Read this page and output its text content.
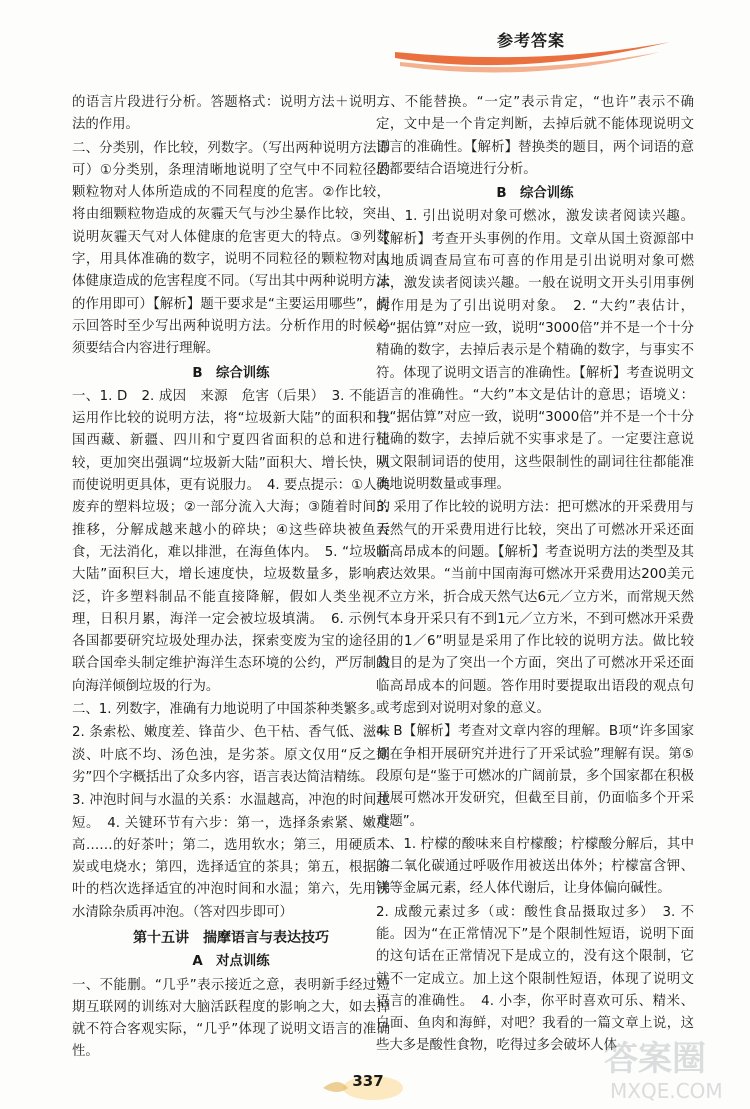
参考答案

的语言片段进行分析。答题格式：说明方法＋说明方法的作用。

二、分类别，作比较，列数字。（写出两种说明方法即可）①分类别，条理清晰地说明了空气中不同粒径的颗粒物对人体所造成的不同程度的危害。②作比较，将由细颗粒物造成的灰霾天气与沙尘暴作比较，突出说明灰霾天气对人体健康的危害更大的特点。③列数字，用具体准确的数字，说明不同粒径的颗粒物对人体健康造成的危害程度不同。（写出其中两种说明方法的作用即可）【解析】题干要求是“主要运用哪些”，提示回答时至少写出两种说明方法。分析作用的时候必须要结合内容进行理解。

B　综合训练

一、1. D　2. 成因　来源　危害（后果）　3. 不能。运用作比较的说明方法，将“垃圾新大陆”的面积和我国西藏、新疆、四川和宁夏四省面积的总和进行比较，更加突出强调“垃圾新大陆”面积大、增长快，从而使说明更具体，更有说服力。　4. 要点提示：①人类废弃的塑料垃圾；②一部分流入大海；③随着时间的推移，分解成越来越小的碎块；④这些碎块被鱼吞食，无法消化，难以排泄，在海鱼体内。　5. “垃圾新大陆”面积巨大，增长速度快，垃圾数量多，影响广泛，许多塑料制品不能直接降解，假如人类坐视不理，日积月累，海洋一定会被垃圾填满。　6. 示例：各国都要研究垃圾处理办法，探索变废为宝的途径。联合国牵头制定维护海洋生态环境的公约，严厉制裁向海洋倾倒垃圾的行为。

二、1. 列数字，准确有力地说明了中国茶种类繁多。

2. 条索松、嫩度差、锋苗少、色干枯、香气低、滋味淡、叶底不均、汤色浊，是劣茶。原文仅用“反之则劣”四个字概括出了众多内容，语言表达简洁精练。

3. 冲泡时间与水温的关系：水温越高，冲泡的时间越短。　4. 关键环节有六步：第一，选择条索紧、嫩度高……的好茶叶；第二，选用软水；第三，用硬质木炭或电烧水；第四，选择适宜的茶具；第五，根据茶叶的档次选择适宜的冲泡时间和水温；第六，先用沸水清除杂质再冲泡。（答对四步即可）

第十五讲　揣摩语言与表达技巧

A　对点训练

一、不能删。“几乎”表示接近之意，表明新手经过短期互联网的训练对大脑活跃程度的影响之大，如去掉就不符合客观实际，“几乎”体现了说明文语言的准确性。

二、不能替换。“一定”表示肯定，“也许”表示不确定，文中是一个肯定判断，去掉后就不能体现说明文语言的准确性。【解析】替换类的题目，两个词语的意思都要结合语境进行分析。

B　综合训练

一、1. 引出说明对象可燃冰，激发读者阅读兴趣。【解析】考查开头事例的作用。文章从国土资源部中国地质调查局宣布可喜的作用是引出说明对象可燃冰，激发读者阅读兴趣。一般在说明文开头引用事例的作用是为了引出说明对象。　2. “大约”表估计，与“据估算”对应一致，说明“3000倍”并不是一个十分精确的数字，去掉后表示是个精确的数字，与事实不符。体现了说明文语言的准确性。【解析】考查说明文语言的准确性。“大约”本文是估计的意思；语境义：与“据估算”对应一致，说明“3000倍”并不是一个十分精确的数字，去掉后就不实事求是了。一定要注意说明文限制词语的使用，这些限制性的副词往往都能准确地说明数量或事理。

3. 采用了作比较的说明方法：把可燃冰的开采费用与天然气的开采费用进行比较，突出了可燃冰开采还面临高昂成本的问题。【解析】考查说明方法的类型及其表达效果。“当前中国南海可燃冰开采费用达200美元／立方米，折合成天然气达6元／立方米，而常规天然气本身开采只有不到1元／立方米，不到可燃冰开采费用的1／6”明显是采用了作比较的说明方法。做比较的目的是为了突出一个方面，突出了可燃冰开采还面临高昂成本的问题。答作用时要提取出语段的观点句或考虑到对说明对象的意义。

4. B【解析】考查对文章内容的理解。B项“许多国家都在争相开展研究并进行了开采试验”理解有误。第⑤段原句是“鉴于可燃冰的广阔前景，多个国家都在积极开展可燃冰开发研究，但截至目前，仍面临多个开采难题”。

二、1. 柠檬的酸味来自柠檬酸；柠檬酸分解后，其中的二氧化碳通过呼吸作用被送出体外；柠檬富含钾、镁等金属元素，经人体代谢后，让身体偏向碱性。

2. 成酸元素过多（或：酸性食品摄取过多）　3. 不能。因为“在正常情况下”是个限制性短语，说明下面的这句话在正常情况下是成立的，没有这个限制，它就不一定成立。加上这个限制性短语，体现了说明文语言的准确性。　4. 小李，你平时喜欢可乐、精米、白面、鱼肉和海鲜，对吧？我看的一篇文章上说，这些大多是酸性食物，吃得过多会破坏人体

337
答案圈
MXQE.COM
